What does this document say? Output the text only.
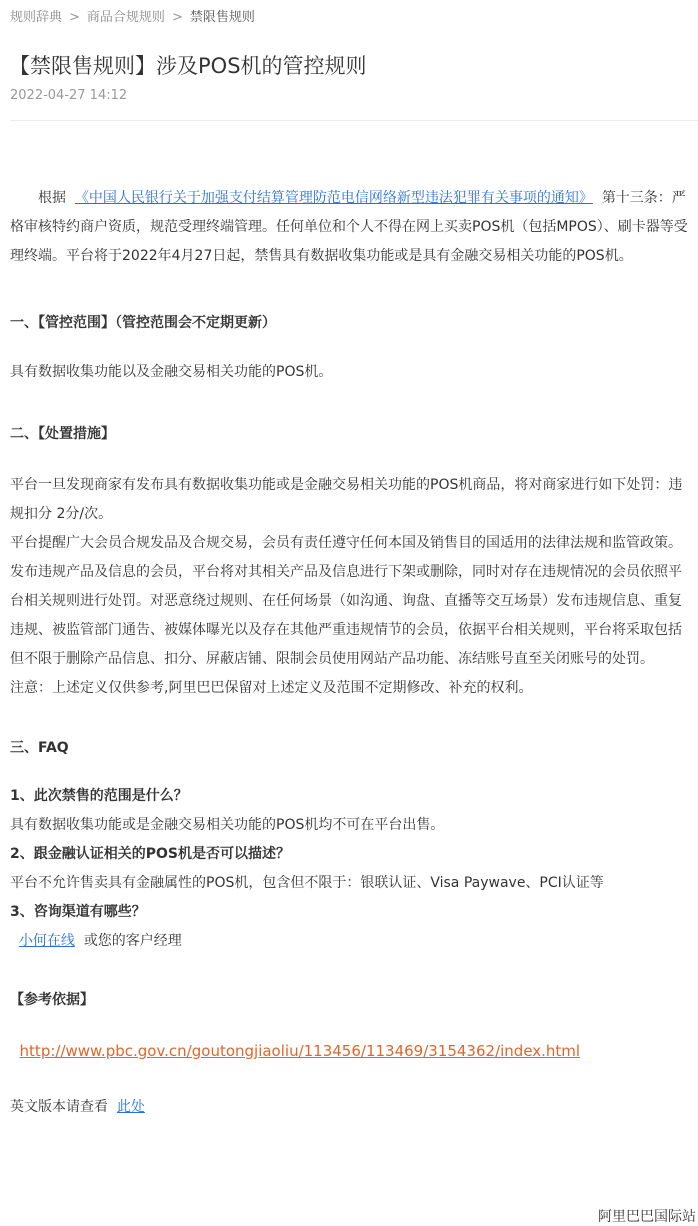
规则辞典 > 商品合规规则 > 禁限售规则
【禁限售规则】涉及POS机的管控规则
2022-04-27 14:12

根据 《中国人民银行关于加强支付结算管理防范电信网络新型违法犯罪有关事项的通知》 第十三条：严格审核特约商户资质，规范受理终端管理。任何单位和个人不得在网上买卖POS机（包括MPOS）、刷卡器等受理终端。平台将于2022年4月27日起，禁售具有数据收集功能或是具有金融交易相关功能的POS机。

一、【管控范围】（管控范围会不定期更新）

具有数据收集功能以及金融交易相关功能的POS机。

二、【处置措施】

平台一旦发现商家有发布具有数据收集功能或是金融交易相关功能的POS机商品，将对商家进行如下处罚：违规扣分 2分/次。

平台提醒广大会员合规发品及合规交易，会员有责任遵守任何本国及销售目的国适用的法律法规和监管政策。发布违规产品及信息的会员，平台将对其相关产品及信息进行下架或删除，同时对存在违规情况的会员依照平台相关规则进行处罚。对恶意绕过规则、在任何场景（如沟通、询盘、直播等交互场景）发布违规信息、重复违规、被监管部门通告、被媒体曝光以及存在其他严重违规情节的会员，依据平台相关规则，平台将采取包括但不限于删除产品信息、扣分、屏蔽店铺、限制会员使用网站产品功能、冻结账号直至关闭账号的处罚。

注意：上述定义仅供参考,阿里巴巴保留对上述定义及范围不定期修改、补充的权利。

三、FAQ

1、此次禁售的范围是什么？

具有数据收集功能或是金融交易相关功能的POS机均不可在平台出售。

2、跟金融认证相关的POS机是否可以描述？

平台不允许售卖具有金融属性的POS机，包含但不限于：银联认证、Visa Paywave、PCI认证等

3、咨询渠道有哪些？

小何在线 或您的客户经理

【参考依据】

http://www.pbc.gov.cn/goutongjiaoliu/113456/113469/3154362/index.html

英文版本请查看 此处

阿里巴巴国际站
